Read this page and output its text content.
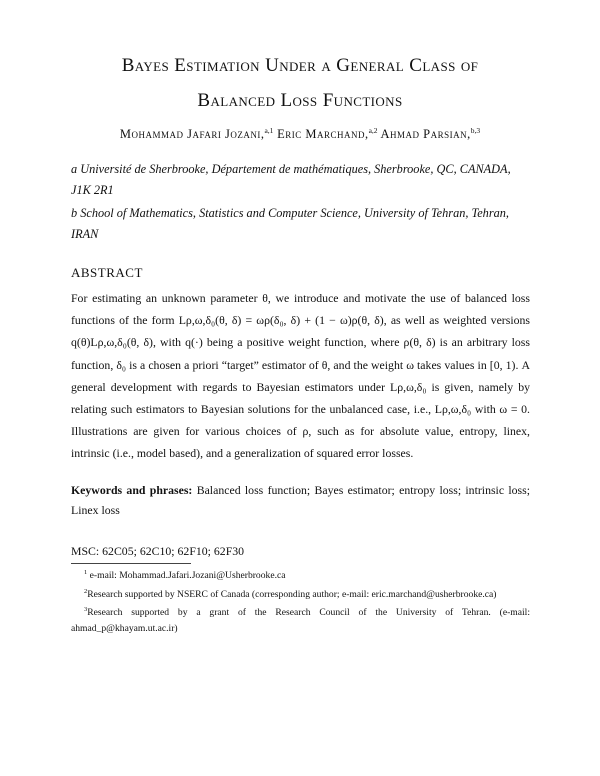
Bayes Estimation Under a General Class of
Balanced Loss Functions
Mohammad Jafari Jozani,$^{a,1}$ Eric Marchand,$^{a,2}$ Ahmad Parsian,$^{b,3}$
a Université de Sherbrooke, Département de mathématiques, Sherbrooke, QC, CANADA, J1K 2R1
b School of Mathematics, Statistics and Computer Science, University of Tehran, Tehran, IRAN
ABSTRACT
For estimating an unknown parameter θ, we introduce and motivate the use of balanced loss functions of the form Lρ,ω,δ₀(θ, δ) = ωρ(δ₀, δ) + (1 − ω)ρ(θ, δ), as well as weighted versions q(θ)Lρ,ω,δ₀(θ, δ), with q(·) being a positive weight function, where ρ(θ, δ) is an arbitrary loss function, δ₀ is a chosen a priori “target” estimator of θ, and the weight ω takes values in [0, 1). A general development with regards to Bayesian estimators under Lρ,ω,δ₀ is given, namely by relating such estimators to Bayesian solutions for the unbalanced case, i.e., Lρ,ω,δ₀ with ω = 0. Illustrations are given for various choices of ρ, such as for absolute value, entropy, linex, intrinsic (i.e., model based), and a generalization of squared error losses.
Keywords and phrases: Balanced loss function; Bayes estimator; entropy loss; intrinsic loss; Linex loss
MSC: 62C05; 62C10; 62F10; 62F30

$^1$ e-mail: Mohammad.Jafari.Jozani@Usherbrooke.ca

$^2$Research supported by NSERC of Canada (corresponding author; e-mail: eric.marchand@usherbrooke.ca)

$^3$Research supported by a grant of the Research Council of the University of Tehran. (e-mail: ahmad_p@khayam.ut.ac.ir)
